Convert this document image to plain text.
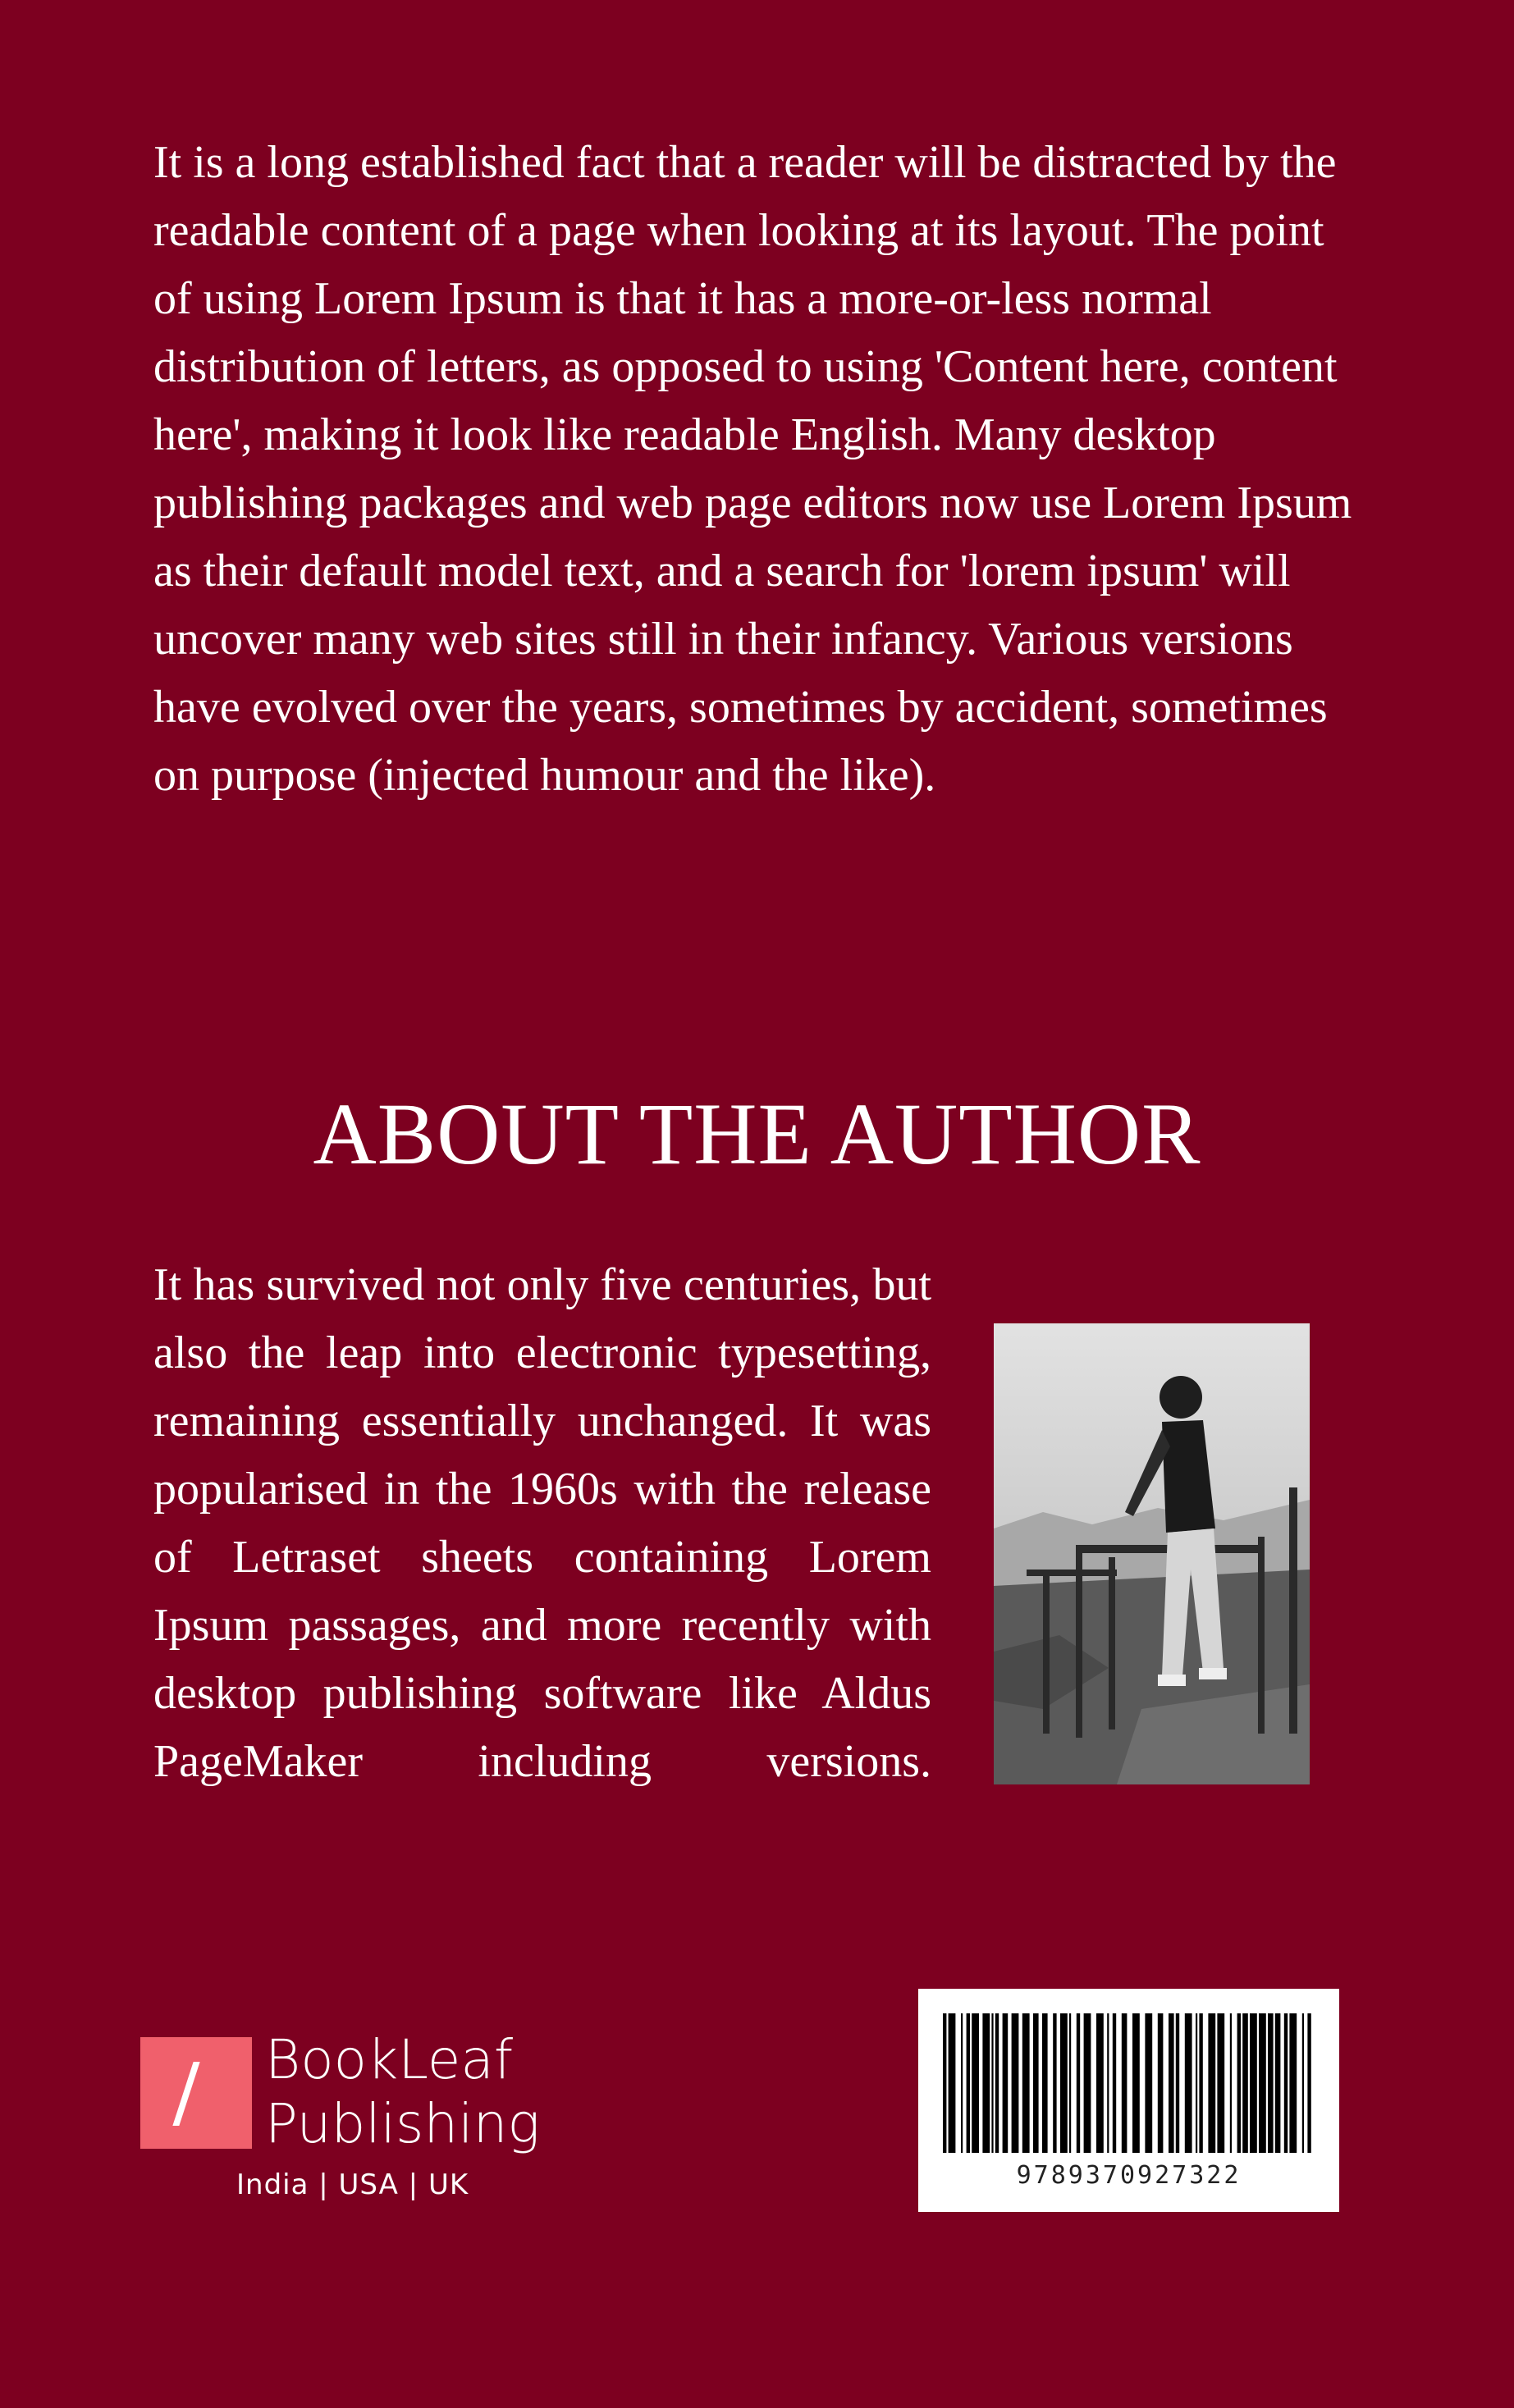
It is a long established fact that a reader will be distracted by the readable content of a page when looking at its layout. The point of using Lorem Ipsum is that it has a more-or-less normal distribution of letters, as opposed to using 'Content here, content here', making it look like readable English. Many desktop publishing packages and web page editors now use Lorem Ipsum as their default model text, and a search for 'lorem ipsum' will uncover many web sites still in their infancy. Various versions have evolved over the years, sometimes by accident, sometimes on purpose (injected humour and the like).

ABOUT THE AUTHOR

It has survived not only five centuries, but also the leap into electronic typesetting, remaining essentially unchanged. It was popularised in the 1960s with the release of Letraset sheets containing Lorem Ipsum passages, and more recently with desktop publishing software like Aldus PageMaker including versions.

BookLeaf
Publishing
India | USA | UK	9789370927322
